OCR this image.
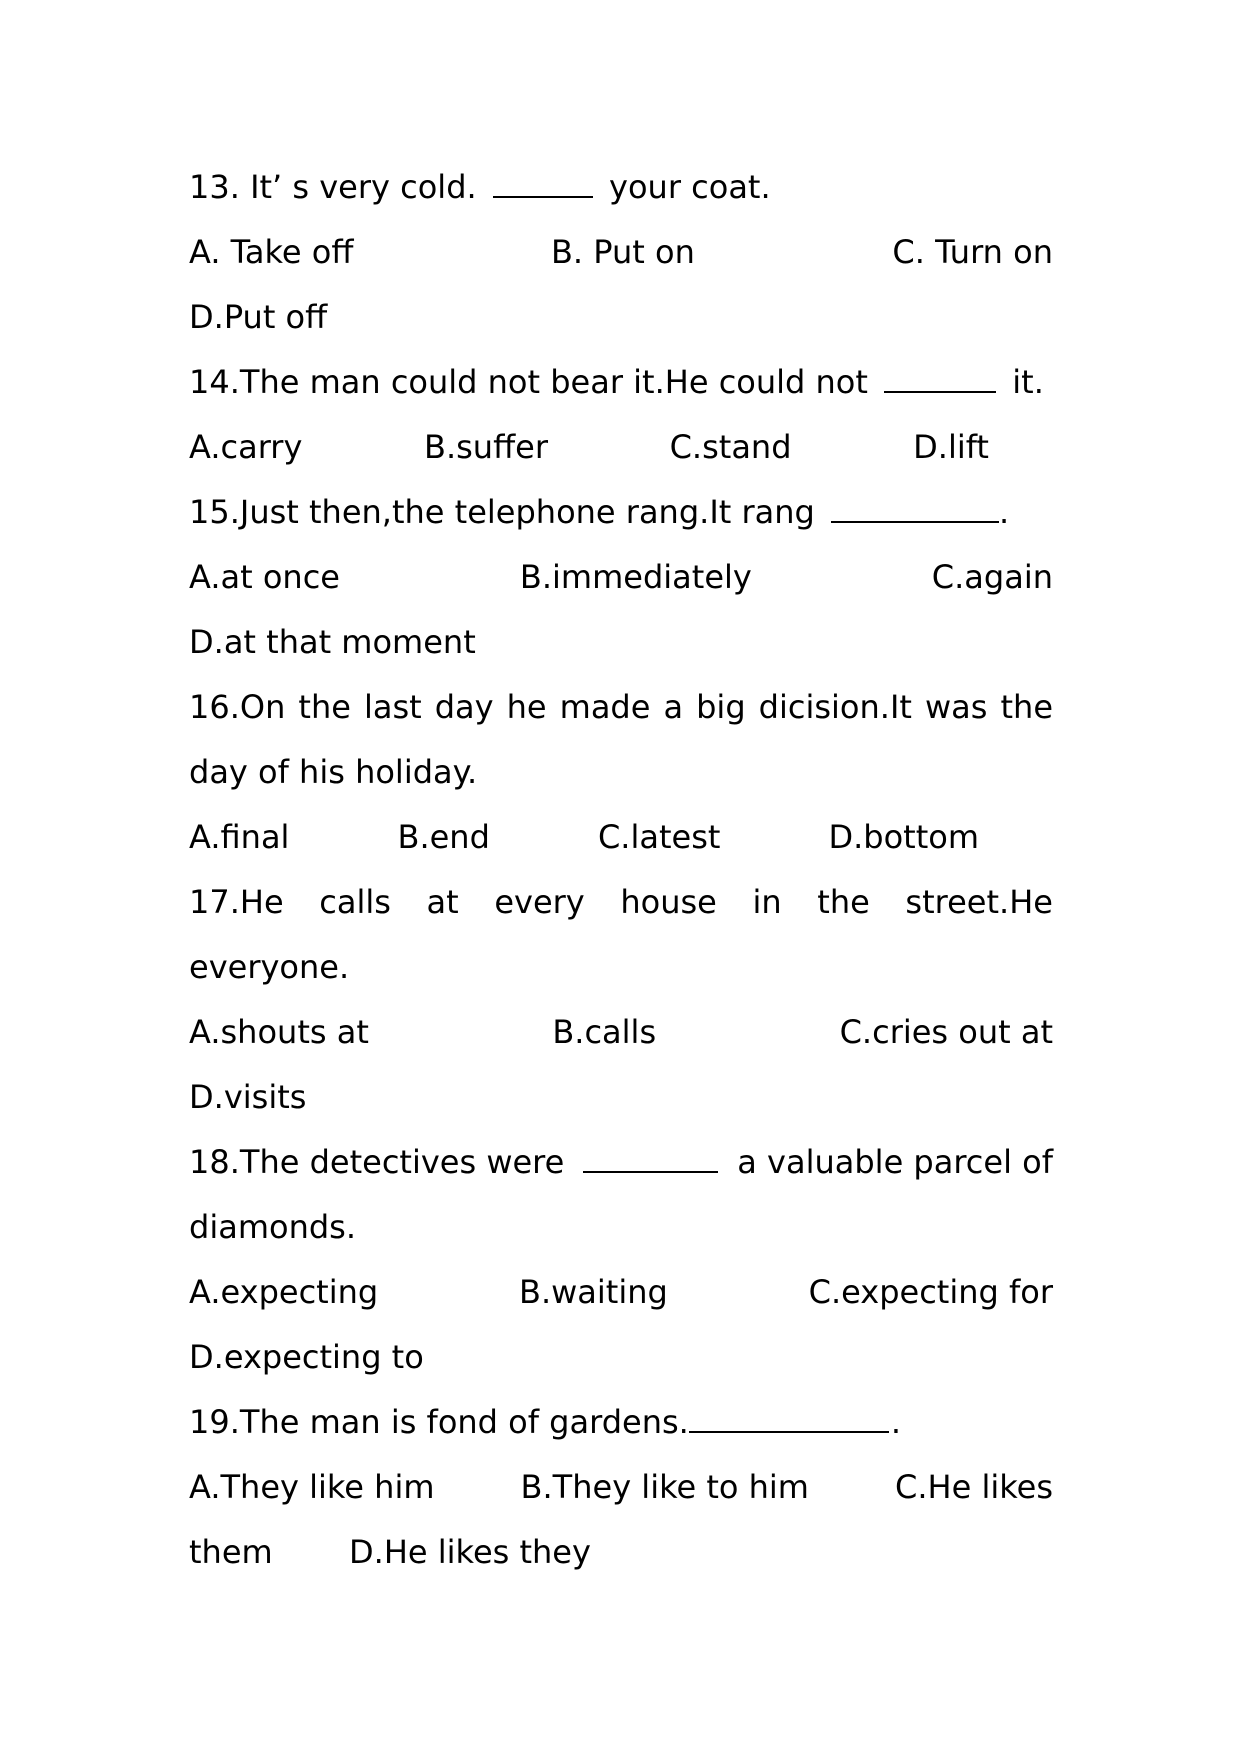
13. It’ s very cold.	your coat.
A. Take off	B. Put on	C. Turn on
D.Put off
14.The man could not bear it.He could not	it.
A.carry	B.suffer	C.stand	D.lift
15.Just then,the telephone rang.It rang	.
A.at once	B.immediately	C.again
D.at that moment
16.On the last day he made a big dicision.It was the
day of his holiday.
A.final	B.end	C.latest	D.bottom
17.He calls at every house in the street.He
everyone.
A.shouts at	B.calls	C.cries out at
D.visits
18.The detectives were	a valuable parcel of
diamonds.
A.expecting	B.waiting	C.expecting for
D.expecting to
19.The man is fond of gardens.	.
A.They like him	B.They like to him	C.He likes
them D.He likes they
